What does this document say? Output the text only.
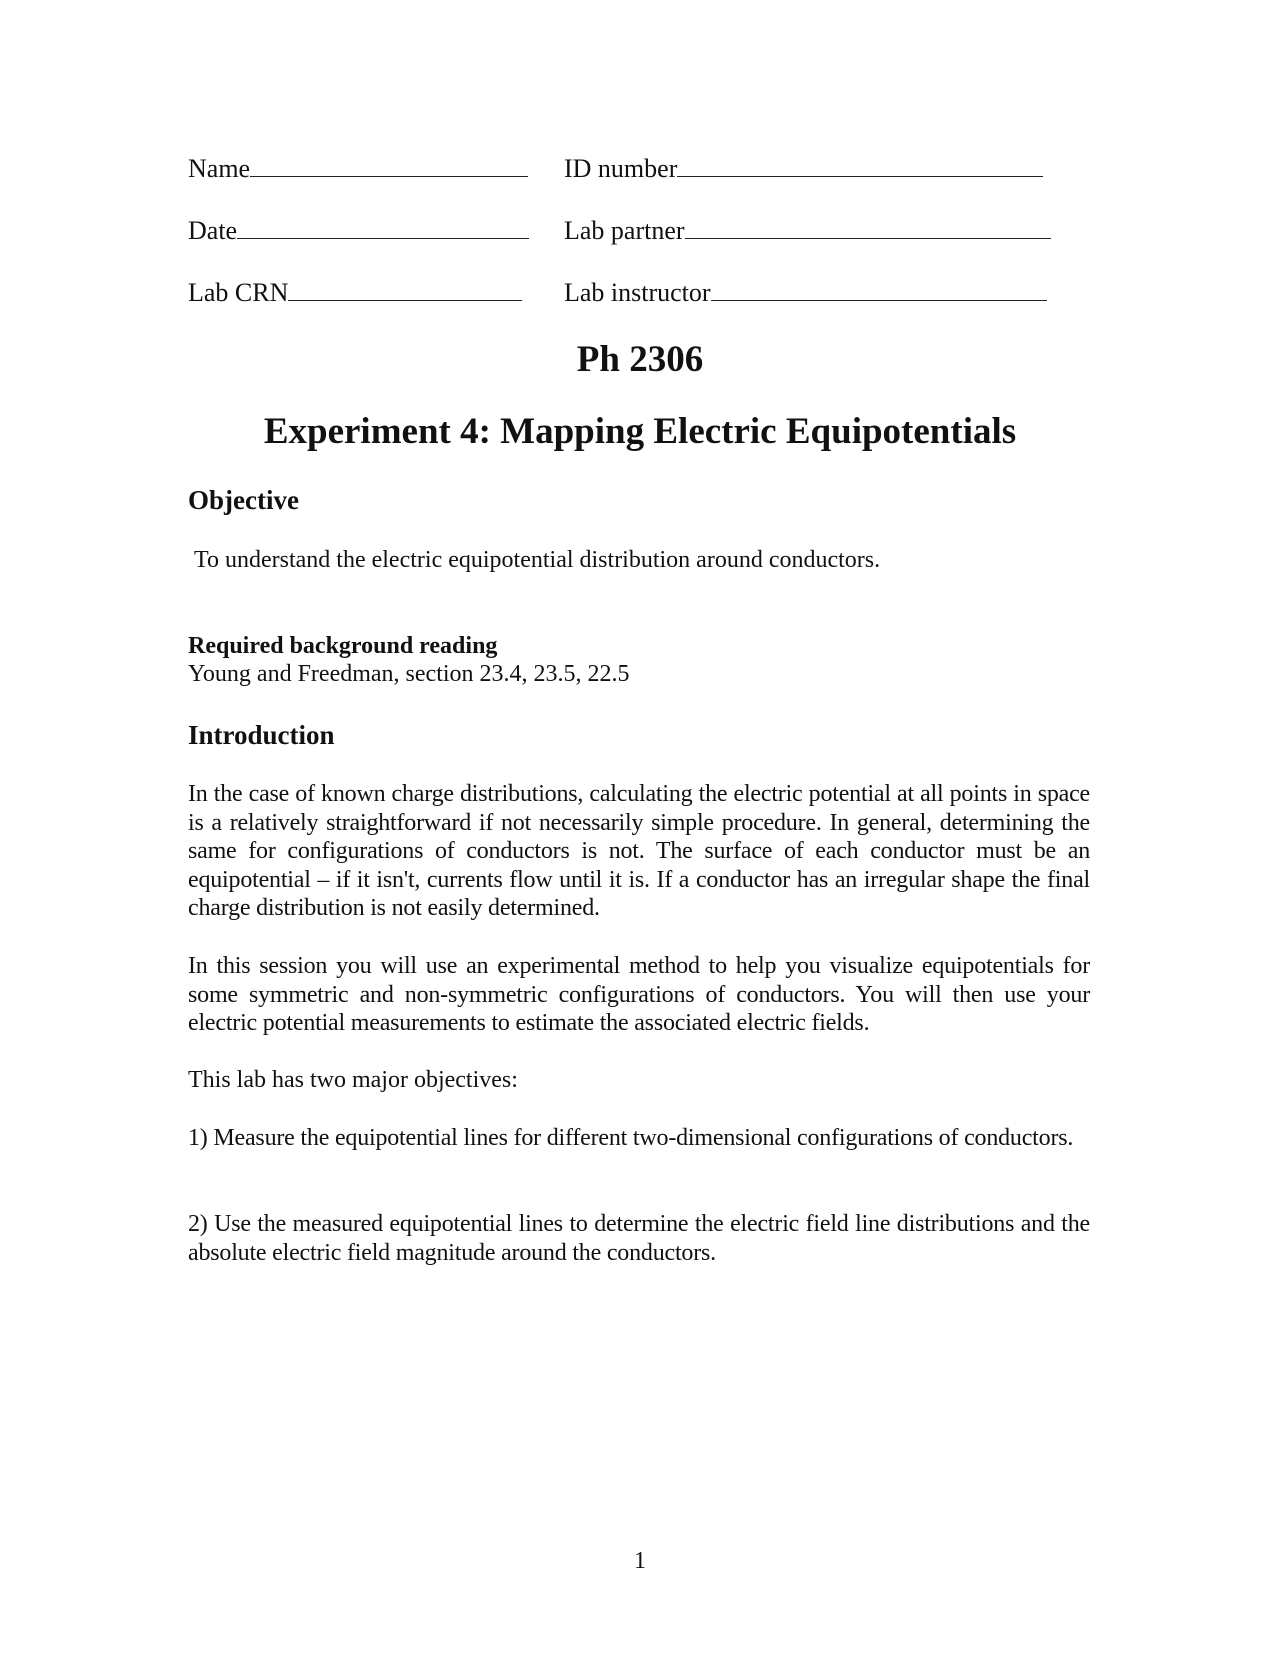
Name	ID number
Date	Lab partner
Lab CRN	Lab instructor
Ph 2306
Experiment 4: Mapping Electric Equipotentials
Objective
To understand the electric equipotential distribution around conductors.
Required background reading
Young and Freedman, section 23.4, 23.5, 22.5
Introduction
In the case of known charge distributions, calculating the electric potential at all points in space is a relatively straightforward if not necessarily simple procedure. In general, determining the same for configurations of conductors is not. The surface of each conductor must be an equipotential – if it isn't, currents flow until it is. If a conductor has an irregular shape the final charge distribution is not easily determined.
In this session you will use an experimental method to help you visualize equipotentials for some symmetric and non-symmetric configurations of conductors. You will then use your electric potential measurements to estimate the associated electric fields.
This lab has two major objectives:
1) Measure the equipotential lines for different two-dimensional configurations of conductors.
2) Use the measured equipotential lines to determine the electric field line distributions and the absolute electric field magnitude around the conductors.
1
